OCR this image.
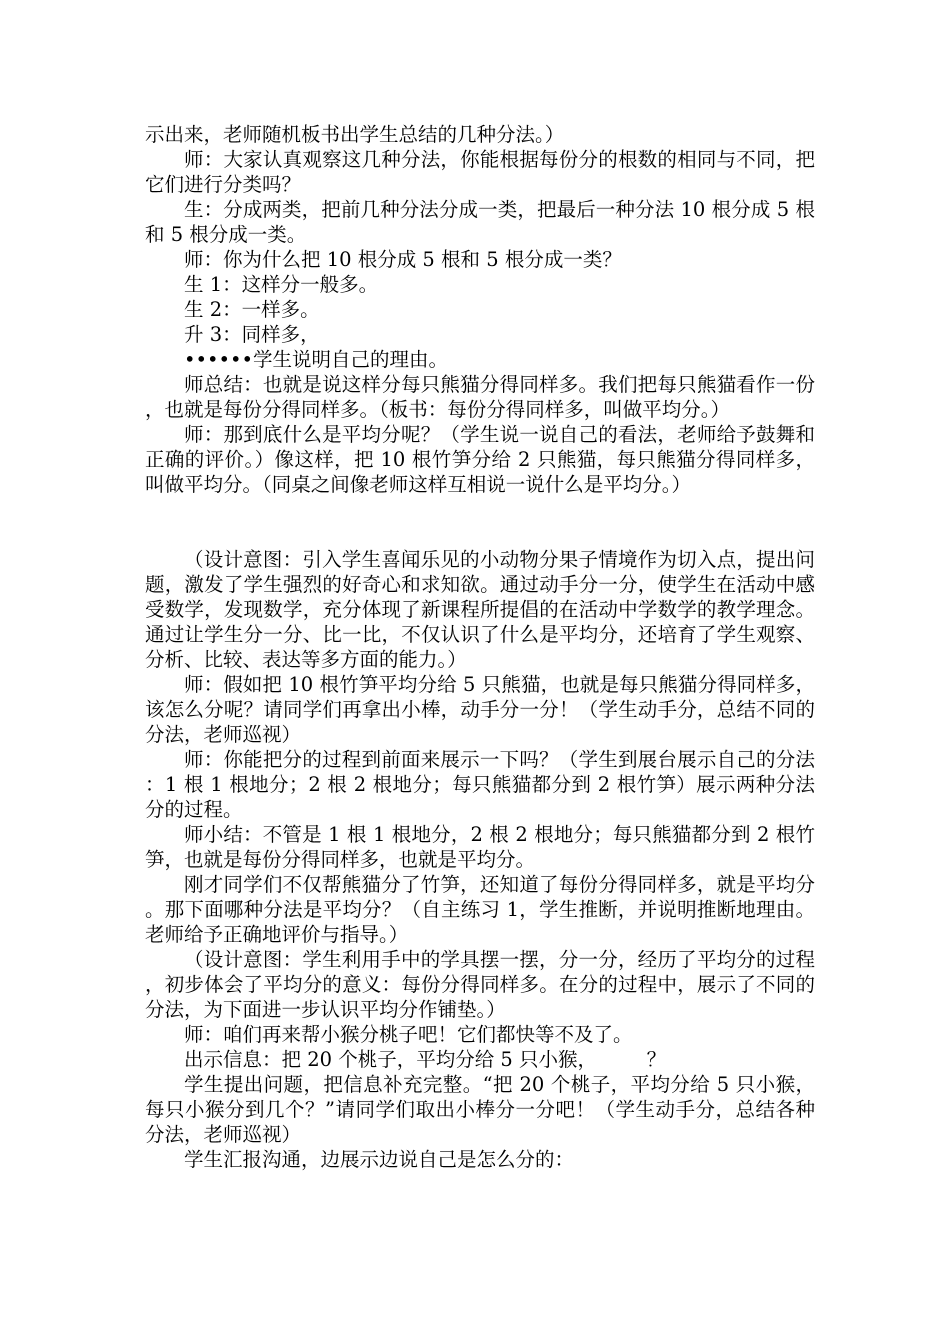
示出来，老师随机板书出学生总结的几种分法。）

师：大家认真观察这几种分法，你能根据每份分的根数的相同与不同，把它们进行分类吗？

生：分成两类，把前几种分法分成一类，把最后一种分法 10 根分成 5 根和 5 根分成一类。

师：你为什么把 10 根分成 5 根和 5 根分成一类？

生 1：这样分一般多。

生 2：一样多。

升 3：同样多，

••••••学生说明自己的理由。

师总结：也就是说这样分每只熊猫分得同样多。我们把每只熊猫看作一份，也就是每份分得同样多。（板书：每份分得同样多，叫做平均分。）

师：那到底什么是平均分呢？（学生说一说自己的看法，老师给予鼓舞和正确的评价。）像这样，把 10 根竹笋分给 2 只熊猫，每只熊猫分得同样多，叫做平均分。（同桌之间像老师这样互相说一说什么是平均分。）

（设计意图：引入学生喜闻乐见的小动物分果子情境作为切入点，提出问题，激发了学生强烈的好奇心和求知欲。通过动手分一分，使学生在活动中感受数学，发现数学，充分体现了新课程所提倡的在活动中学数学的教学理念。通过让学生分一分、比一比，不仅认识了什么是平均分，还培育了学生观察、分析、比较、表达等多方面的能力。）

师：假如把 10 根竹笋平均分给 5 只熊猫，也就是每只熊猫分得同样多，该怎么分呢？请同学们再拿出小棒，动手分一分！（学生动手分，总结不同的分法，老师巡视）

师：你能把分的过程到前面来展示一下吗？（学生到展台展示自己的分法：1 根 1 根地分；2 根 2 根地分；每只熊猫都分到 2 根竹笋）展示两种分法分的过程。

师小结：不管是 1 根 1 根地分，2 根 2 根地分；每只熊猫都分到 2 根竹笋，也就是每份分得同样多，也就是平均分。

刚才同学们不仅帮熊猫分了竹笋，还知道了每份分得同样多，就是平均分。那下面哪种分法是平均分？（自主练习 1，学生推断，并说明推断地理由。老师给予正确地评价与指导。）

（设计意图：学生利用手中的学具摆一摆，分一分，经历了平均分的过程，初步体会了平均分的意义：每份分得同样多。在分的过程中，展示了不同的分法，为下面进一步认识平均分作铺垫。）

师：咱们再来帮小猴分桃子吧！它们都快等不及了。

出示信息：把 20 个桃子，平均分给 5 只小猴，        ？

学生提出问题，把信息补充完整。“把 20 个桃子，平均分给 5 只小猴，每只小猴分到几个？”请同学们取出小棒分一分吧！（学生动手分，总结各种分法，老师巡视）

学生汇报沟通，边展示边说自己是怎么分的：
